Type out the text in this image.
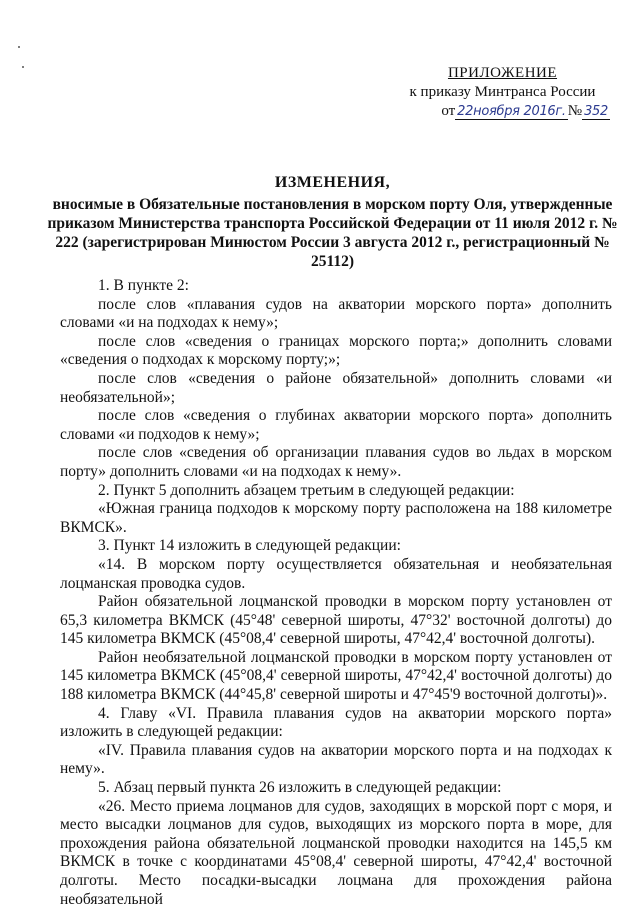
ПРИЛОЖЕНИЕ
к приказу Минтранса России
от 22ноября 2016г. № 352
ИЗМЕНЕНИЯ,
вносимые в Обязательные постановления в морском порту Оля, утвержденные приказом Министерства транспорта Российской Федерации от 11 июля 2012 г. № 222 (зарегистрирован Минюстом России 3 августа 2012 г., регистрационный № 25112)

1. В пункте 2:

после слов «плавания судов на акватории морского порта» дополнить словами «и на подходах к нему»;

после слов «сведения о границах морского порта;» дополнить словами «сведения о подходах к морскому порту;»;

после слов «сведения о районе обязательной» дополнить словами «и необязательной»;

после слов «сведения о глубинах акватории морского порта» дополнить словами «и подходов к нему»;

после слов «сведения об организации плавания судов во льдах в морском порту» дополнить словами «и на подходах к нему».

2. Пункт 5 дополнить абзацем третьим в следующей редакции:

«Южная граница подходов к морскому порту расположена на 188 километре ВКМСК».

3. Пункт 14 изложить в следующей редакции:

«14. В морском порту осуществляется обязательная и необязательная лоцманская проводка судов.

Район обязательной лоцманской проводки в морском порту установлен от 65,3 километра ВКМСК (45°48' северной широты, 47°32' восточной долготы) до 145 километра ВКМСК (45°08,4' северной широты, 47°42,4' восточной долготы).

Район необязательной лоцманской проводки в морском порту установлен от 145 километра ВКМСК (45°08,4' северной широты, 47°42,4' восточной долготы) до 188 километра ВКМСК (44°45,8' северной широты и 47°45'9 восточной долготы)».

4. Главу «VI. Правила плавания судов на акватории морского порта» изложить в следующей редакции:

«IV. Правила плавания судов на акватории морского порта и на подходах к нему».

5. Абзац первый пункта 26 изложить в следующей редакции:

«26. Место приема лоцманов для судов, заходящих в морской порт с моря, и место высадки лоцманов для судов, выходящих из морского порта в море, для прохождения района обязательной лоцманской проводки находится на 145,5 км ВКМСК в точке с координатами 45°08,4' северной широты, 47°42,4' восточной долготы. Место посадки-высадки лоцмана для прохождения района необязательной
